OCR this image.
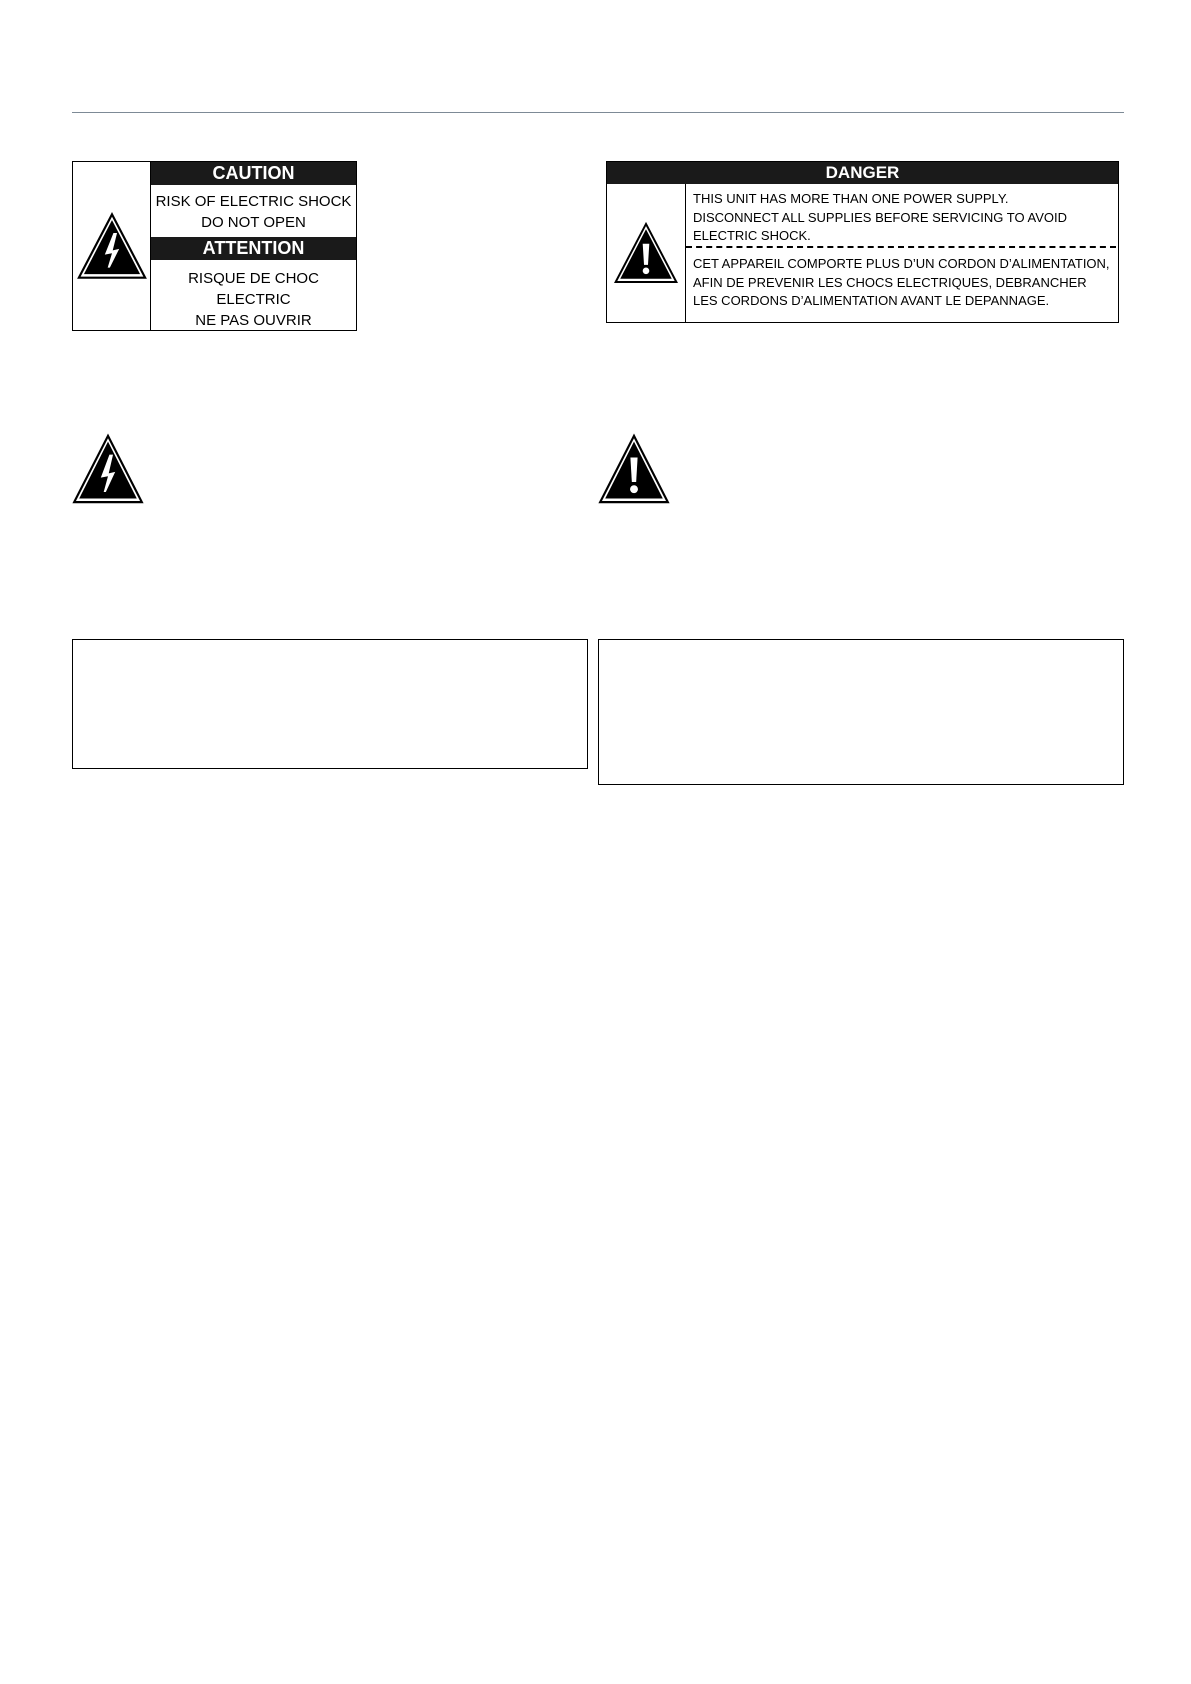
CAUTION
RISK OF ELECTRIC SHOCK
DO NOT OPEN
ATTENTION
RISQUE DE CHOC ELECTRIC
NE PAS OUVRIR
DANGER
THIS UNIT HAS MORE THAN ONE POWER SUPPLY.
DISCONNECT ALL SUPPLIES BEFORE SERVICING TO AVOID
ELECTRIC SHOCK.
CET APPAREIL COMPORTE PLUS D’UN CORDON D’ALIMENTATION,
AFIN DE PREVENIR LES CHOCS ELECTRIQUES, DEBRANCHER
LES CORDONS D’ALIMENTATION AVANT LE DEPANNAGE.
